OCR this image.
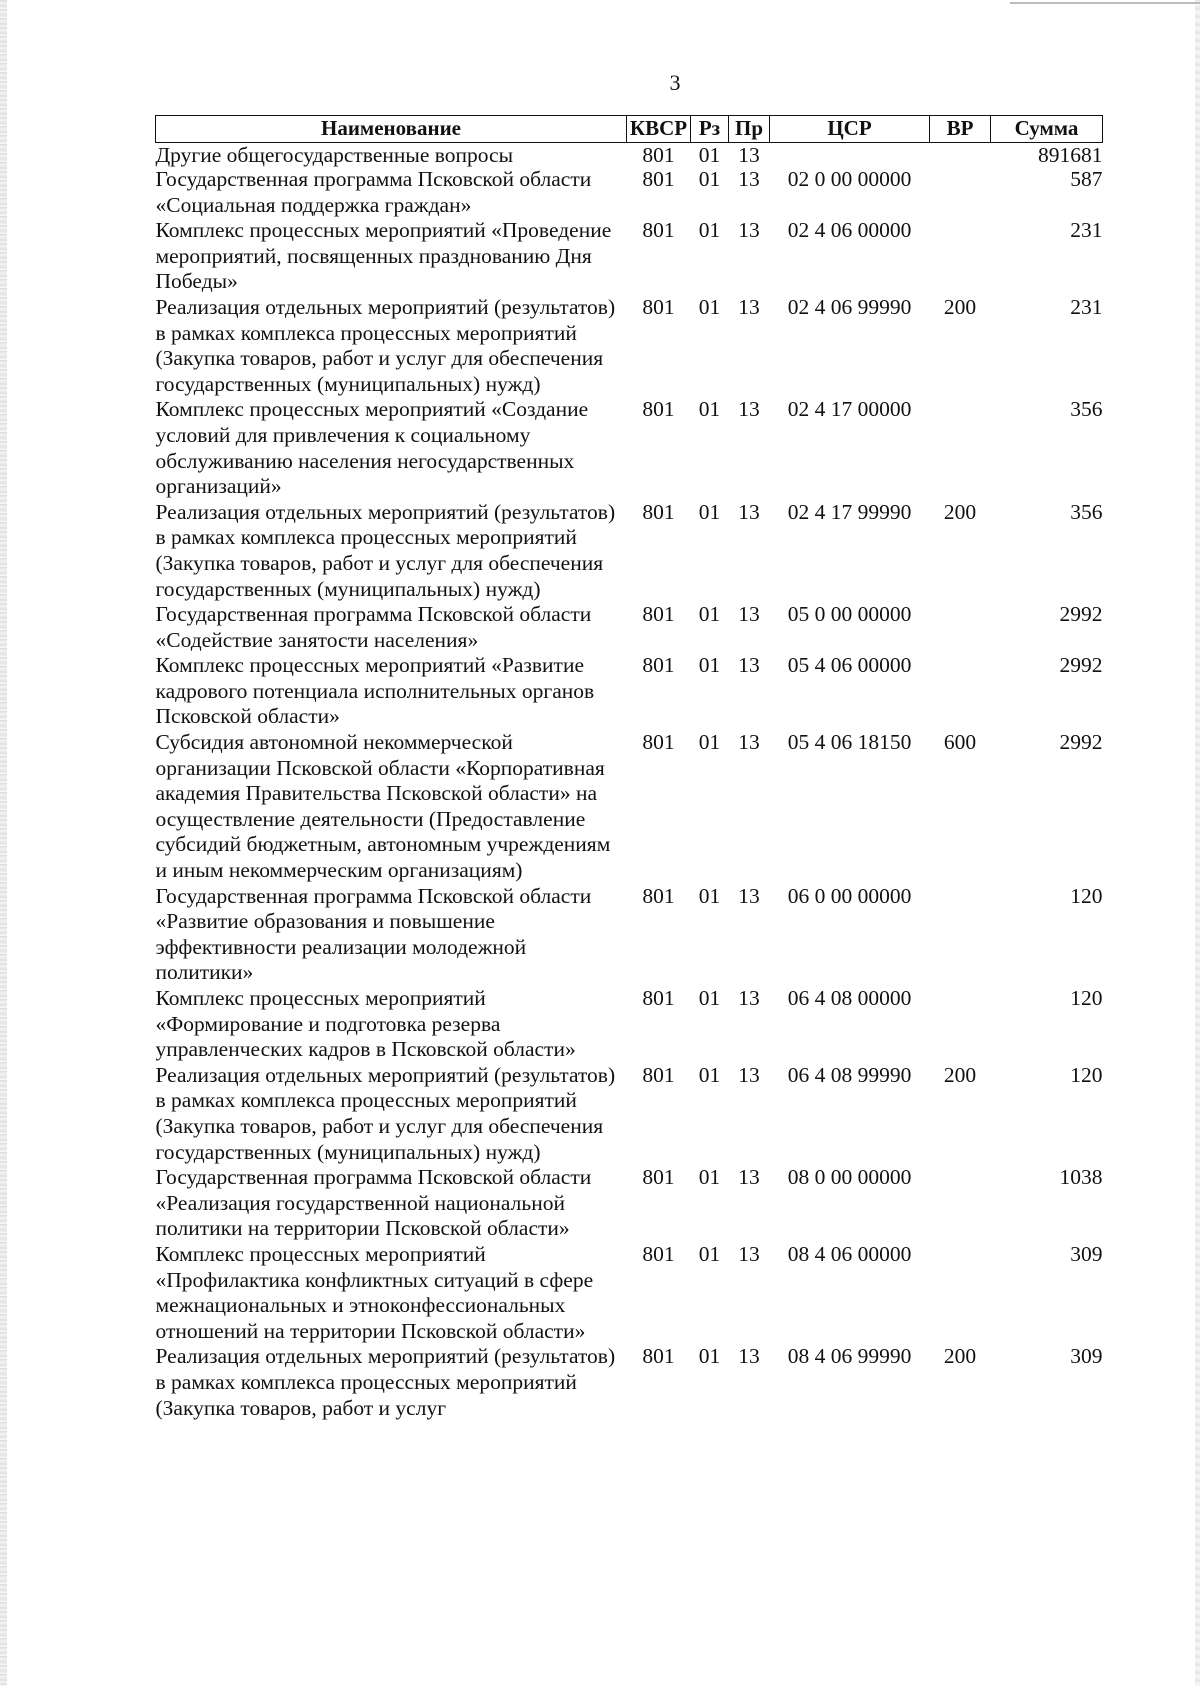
3
Наименование	КВСР	Рз	Пр	ЦСР	ВР	Сумма
Другие общегосударственные вопросы	801	01	13			891681
Государственная программа Псковской области «Социальная поддержка граждан»	801	01	13	02 0 00 00000		587
Комплекс процессных мероприятий «Проведение мероприятий, посвященных празднованию Дня Победы»	801	01	13	02 4 06 00000		231
Реализация отдельных мероприятий (результатов) в рамках комплекса процессных мероприятий (Закупка товаров, работ и услуг для обеспечения государственных (муниципальных) нужд)	801	01	13	02 4 06 99990	200	231
Комплекс процессных мероприятий «Создание условий для привлечения к социальному обслуживанию населения негосударственных организаций»	801	01	13	02 4 17 00000		356
Реализация отдельных мероприятий (результатов) в рамках комплекса процессных мероприятий (Закупка товаров, работ и услуг для обеспечения государственных (муниципальных) нужд)	801	01	13	02 4 17 99990	200	356
Государственная программа Псковской области «Содействие занятости населения»	801	01	13	05 0 00 00000		2992
Комплекс процессных мероприятий «Развитие кадрового потенциала исполнительных органов Псковской области»	801	01	13	05 4 06 00000		2992
Субсидия автономной некоммерческой организации Псковской области «Корпоративная академия Правительства Псковской области» на осуществление деятельности (Предоставление субсидий бюджетным, автономным учреждениям и иным некоммерческим организациям)	801	01	13	05 4 06 18150	600	2992
Государственная программа Псковской области «Развитие образования и повышение эффективности реализации молодежной политики»	801	01	13	06 0 00 00000		120
Комплекс процессных мероприятий «Формирование и подготовка резерва управленческих кадров в Псковской области»	801	01	13	06 4 08 00000		120
Реализация отдельных мероприятий (результатов) в рамках комплекса процессных мероприятий (Закупка товаров, работ и услуг для обеспечения государственных (муниципальных) нужд)	801	01	13	06 4 08 99990	200	120
Государственная программа Псковской области «Реализация государственной национальной политики на территории Псковской области»	801	01	13	08 0 00 00000		1038
Комплекс процессных мероприятий «Профилактика конфликтных ситуаций в сфере межнациональных и этноконфессиональных отношений на территории Псковской области»	801	01	13	08 4 06 00000		309
Реализация отдельных мероприятий (результатов) в рамках комплекса процессных мероприятий (Закупка товаров, работ и услуг	801	01	13	08 4 06 99990	200	309
